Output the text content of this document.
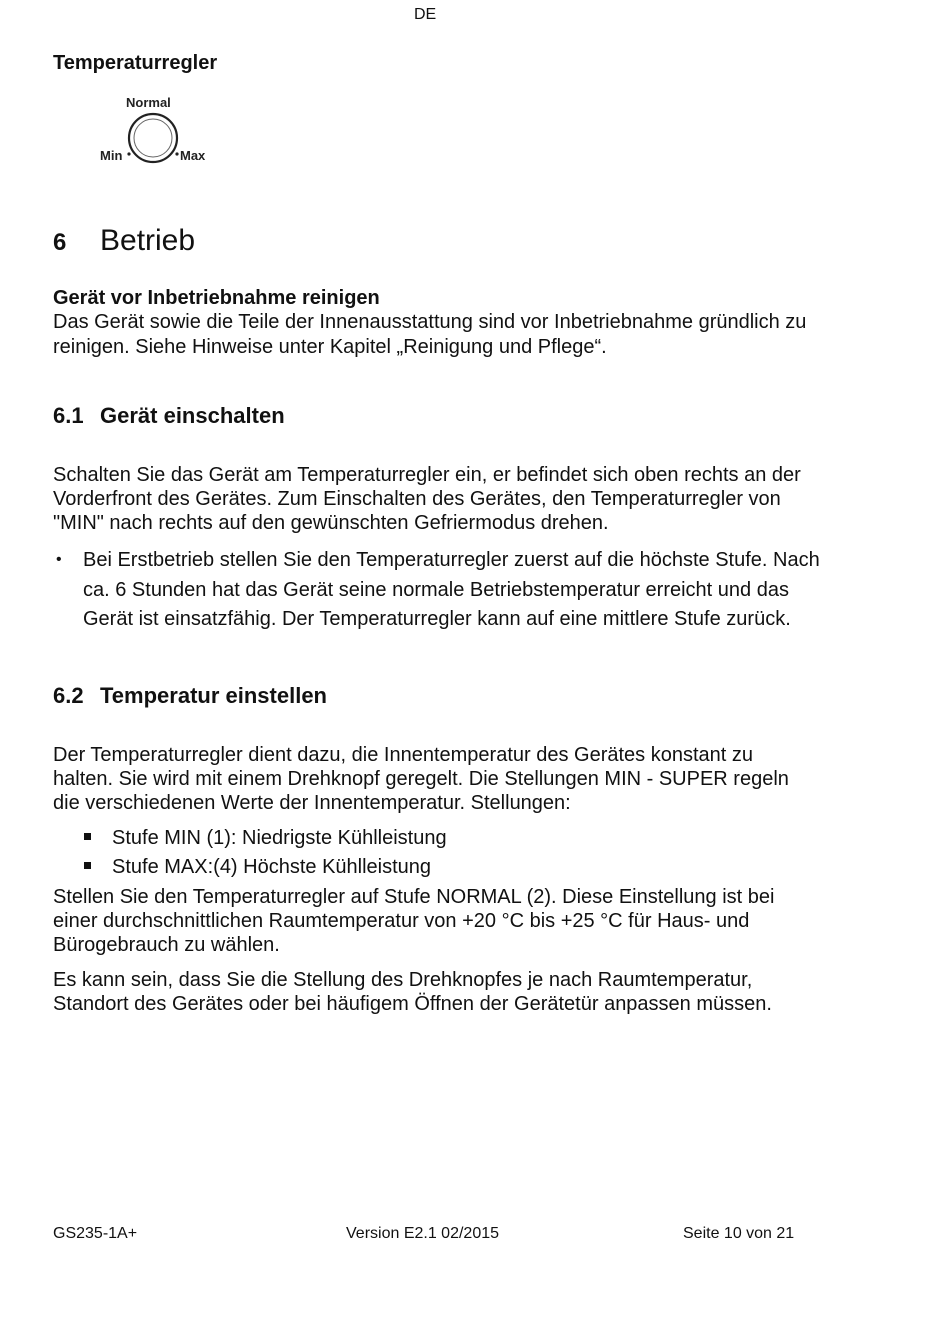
DE
Temperaturregler
Normal
Min	Max
6 Betrieb
Gerät vor Inbetriebnahme reinigen
Das Gerät sowie die Teile der Innenausstattung sind vor Inbetriebnahme gründlich zu
reinigen. Siehe Hinweise unter Kapitel „Reinigung und Pflege“.
6.1 Gerät einschalten
Schalten Sie das Gerät am Temperaturregler ein, er befindet sich oben rechts an der
Vorderfront des Gerätes. Zum Einschalten des Gerätes, den Temperaturregler von
"MIN" nach rechts auf den gewünschten Gefriermodus drehen.
• Bei Erstbetrieb stellen Sie den Temperaturregler zuerst auf die höchste Stufe. Nach
ca. 6 Stunden hat das Gerät seine normale Betriebstemperatur erreicht und das
Gerät ist einsatzfähig. Der Temperaturregler kann auf eine mittlere Stufe zurück.
6.2 Temperatur einstellen
Der Temperaturregler dient dazu, die Innentemperatur des Gerätes konstant zu
halten. Sie wird mit einem Drehknopf geregelt. Die Stellungen MIN - SUPER regeln
die verschiedenen Werte der Innentemperatur. Stellungen:
Stufe MIN (1): Niedrigste Kühlleistung
Stufe MAX:(4) Höchste Kühlleistung
Stellen Sie den Temperaturregler auf Stufe NORMAL (2). Diese Einstellung ist bei
einer durchschnittlichen Raumtemperatur von +20 °C bis +25 °C für Haus- und
Bürogebrauch zu wählen.
Es kann sein, dass Sie die Stellung des Drehknopfes je nach Raumtemperatur,
Standort des Gerätes oder bei häufigem Öffnen der Gerätetür anpassen müssen.
GS235-1A+	Version E2.1 02/2015	Seite 10 von 21
